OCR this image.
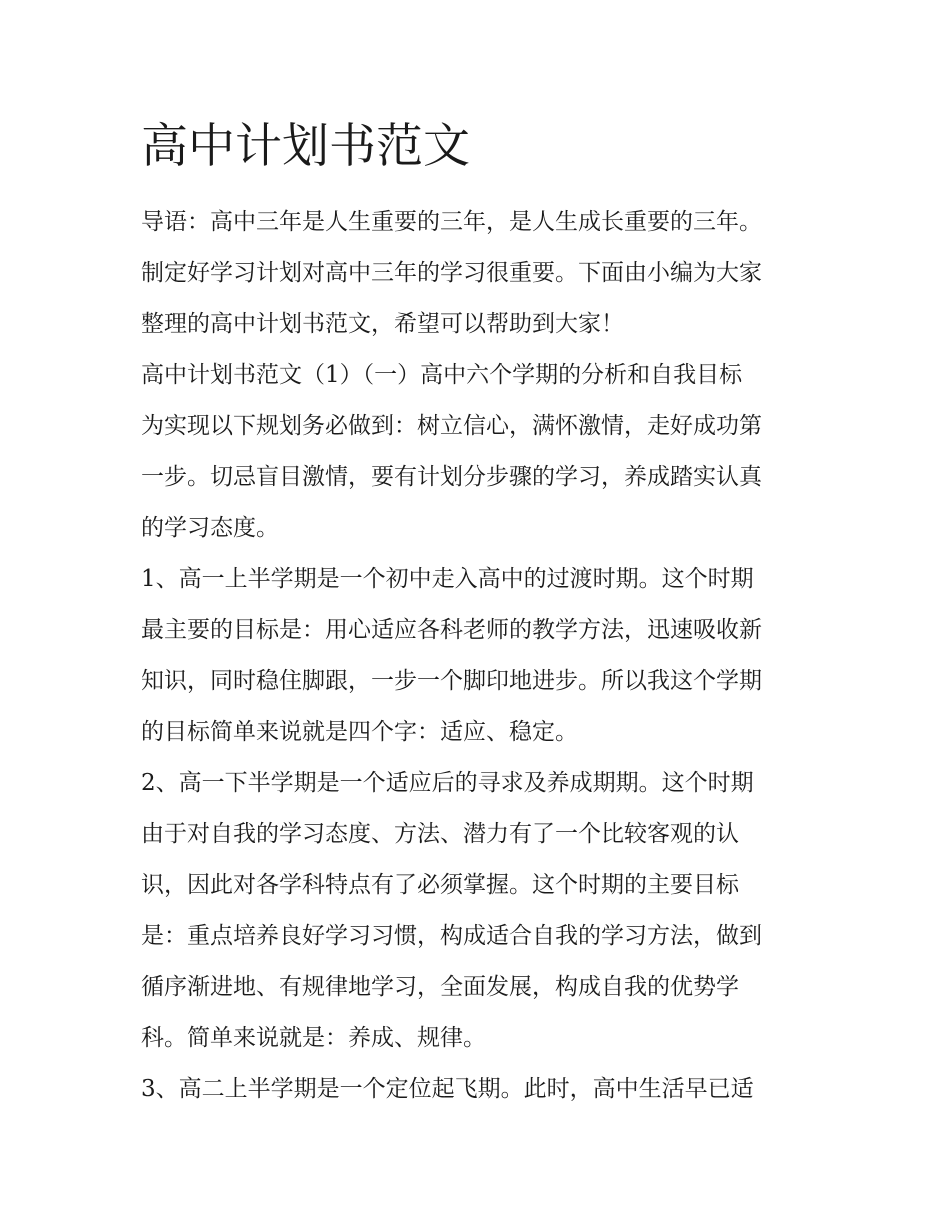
高中计划书范文
导语：高中三年是人生重要的三年，是人生成长重要的三年。
制定好学习计划对高中三年的学习很重要。下面由小编为大家
整理的高中计划书范文，希望可以帮助到大家！
高中计划书范文（1）（一）高中六个学期的分析和自我目标
为实现以下规划务必做到：树立信心，满怀激情，走好成功第
一步。切忌盲目激情，要有计划分步骤的学习，养成踏实认真
的学习态度。
1、高一上半学期是一个初中走入高中的过渡时期。这个时期
最主要的目标是：用心适应各科老师的教学方法，迅速吸收新
知识，同时稳住脚跟，一步一个脚印地进步。所以我这个学期
的目标简单来说就是四个字：适应、稳定。
2、高一下半学期是一个适应后的寻求及养成期期。这个时期
由于对自我的学习态度、方法、潜力有了一个比较客观的认
识，因此对各学科特点有了必须掌握。这个时期的主要目标
是：重点培养良好学习习惯，构成适合自我的学习方法，做到
循序渐进地、有规律地学习，全面发展，构成自我的优势学
科。简单来说就是：养成、规律。
3、高二上半学期是一个定位起飞期。此时，高中生活早已适
